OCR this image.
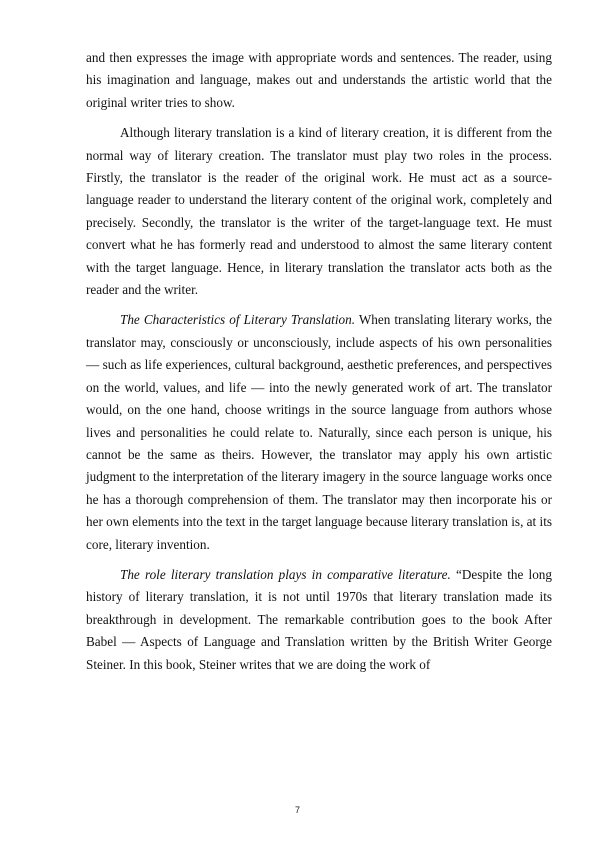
and then expresses the image with appropriate words and sentences. The reader, using his imagination and language, makes out and understands the artistic world that the original writer tries to show.

Although literary translation is a kind of literary creation, it is different from the normal way of literary creation. The translator must play two roles in the process. Firstly, the translator is the reader of the original work. He must act as a source-language reader to understand the literary content of the original work, completely and precisely. Secondly, the translator is the writer of the target-language text. He must convert what he has formerly read and understood to almost the same literary content with the target language. Hence, in literary translation the translator acts both as the reader and the writer.

The Characteristics of Literary Translation. When translating literary works, the translator may, consciously or unconsciously, include aspects of his own personalities — such as life experiences, cultural background, aesthetic preferences, and perspectives on the world, values, and life — into the newly generated work of art. The translator would, on the one hand, choose writings in the source language from authors whose lives and personalities he could relate to. Naturally, since each person is unique, his cannot be the same as theirs. However, the translator may apply his own artistic judgment to the interpretation of the literary imagery in the source language works once he has a thorough comprehension of them. The translator may then incorporate his or her own elements into the text in the target language because literary translation is, at its core, literary invention.

The role literary translation plays in comparative literature. “Despite the long history of literary translation, it is not until 1970s that literary translation made its breakthrough in development. The remarkable contribution goes to the book After Babel — Aspects of Language and Translation written by the British Writer George Steiner. In this book, Steiner writes that we are doing the work of

7
